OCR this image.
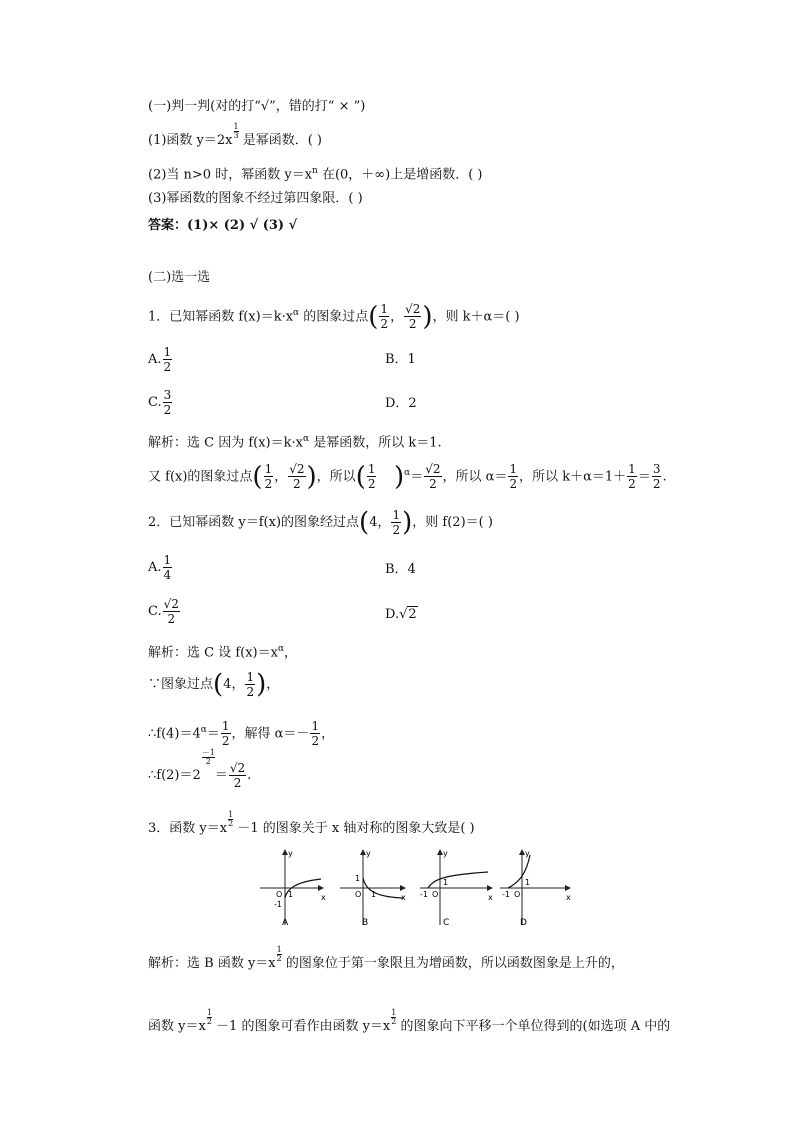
(一)判一判(对的打“√”，错的打“ × ”)
(1)函数 y＝2x
$\frac{1}{3}$
是幂函数．( )
(2)当 n>0 时，幂函数 $y=x^n$ 在(0，＋∞)上是增函数．( )
(3)幂函数的图象不经过第四象限．( )
答案：(1)× (2) √ (3) √
(二)选一选
1．已知幂函数 $f(x)=k\cdot x^\alpha$ 的图象过点( $\frac{1}{2}$ ， $\frac{√2}{2}$ )，则 k＋α＝( )
A. $\frac{1}{2}$	B．1
C. $\frac{3}{2}$	D．2
解析：选 C 因为 $f(x)=k\cdot x^\alpha$ 是幂函数，所以 k＝1.
又 f(x)的图象过点( $\frac{1}{2}$ ， $\frac{√2}{2}$ )，所以( $\frac{1}{2} )^\alpha= \frac{√2}{2}$ ，所以 $\alpha= \frac{1}{2}$ ，所以 $k+\alpha=1+ \frac{1}{2} = \frac{3}{2}$ .
2．已知幂函数 y＝f(x)的图象经过点(4， $\frac{1}{2}$ )，则 f(2)＝( )
A. $\frac{1}{4}$	B．4
C. $\frac{√2}{2}$	D.√2
解析：选 C 设 $f(x)=x^\alpha$，
∵图象过点(4， $\frac{1}{2}$ )，
$\therefore f(4)=4^\alpha= \frac{1}{2}$ ，解得 $\alpha=- \frac{1}{2}$ ，
∴f(2)＝2
$\frac{-1}{2}$
＝ $\frac{√2}{2}$ .
3．函数 y＝x
$\frac{1}{2}$
－1 的图象关于 x 轴对称的图象大致是( )
y
x
O 1
-1
A
y
x
O
1
1
B
y
x
O
1
-1
C
y
x
O
-1
1
D
解析：选 B 函数 y＝x
$\frac{1}{2}$
的图象位于第一象限且为增函数，所以函数图象是上升的，
函数 y＝x
$\frac{1}{2}$
－1 的图象可看作由函数 y＝x
$\frac{1}{2}$
的图象向下平移一个单位得到的(如选项 A 中的
